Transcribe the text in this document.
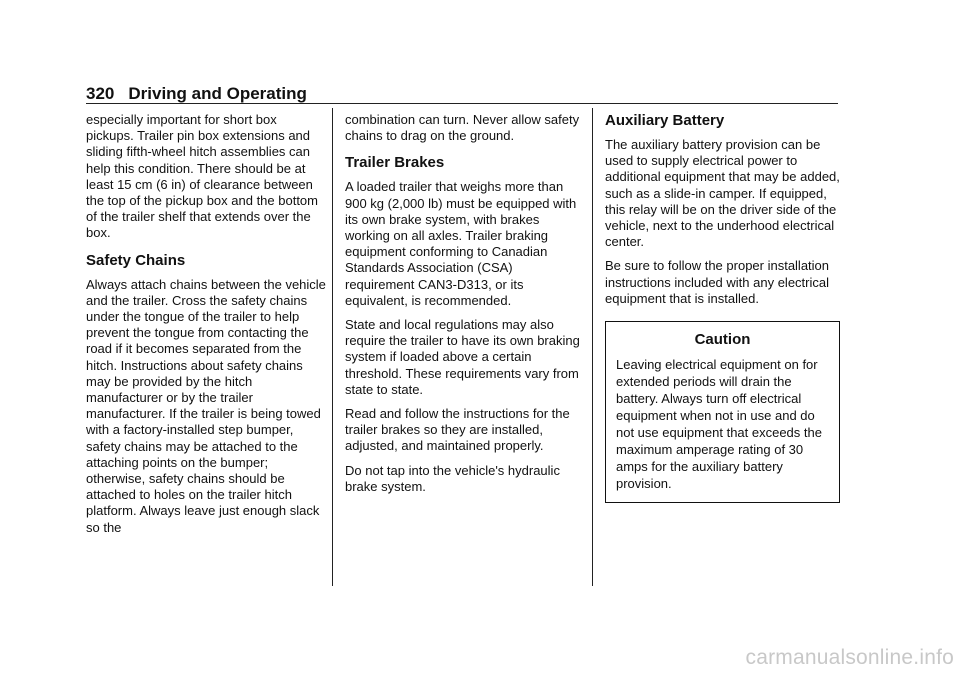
320 Driving and Operating

especially important for short box pickups. Trailer pin box extensions and sliding fifth-wheel hitch assemblies can help this condition. There should be at least 15 cm (6 in) of clearance between the top of the pickup box and the bottom of the trailer shelf that extends over the box.

Safety Chains

Always attach chains between the vehicle and the trailer. Cross the safety chains under the tongue of the trailer to help prevent the tongue from contacting the road if it becomes separated from the hitch. Instructions about safety chains may be provided by the hitch manufacturer or by the trailer manufacturer. If the trailer is being towed with a factory-installed step bumper, safety chains may be attached to the attaching points on the bumper; otherwise, safety chains should be attached to holes on the trailer hitch platform. Always leave just enough slack so the

combination can turn. Never allow safety chains to drag on the ground.

Trailer Brakes

A loaded trailer that weighs more than 900 kg (2,000 lb) must be equipped with its own brake system, with brakes working on all axles. Trailer braking equipment conforming to Canadian Standards Association (CSA) requirement CAN3-D313, or its equivalent, is recommended.

State and local regulations may also require the trailer to have its own braking system if loaded above a certain threshold. These requirements vary from state to state.

Read and follow the instructions for the trailer brakes so they are installed, adjusted, and maintained properly.

Do not tap into the vehicle's hydraulic brake system.

Auxiliary Battery

The auxiliary battery provision can be used to supply electrical power to additional equipment that may be added, such as a slide-in camper. If equipped, this relay will be on the driver side of the vehicle, next to the underhood electrical center.

Be sure to follow the proper installation instructions included with any electrical equipment that is installed.

Caution

Leaving electrical equipment on for extended periods will drain the battery. Always turn off electrical equipment when not in use and do not use equipment that exceeds the maximum amperage rating of 30 amps for the auxiliary battery provision.

carmanualsonline.info
